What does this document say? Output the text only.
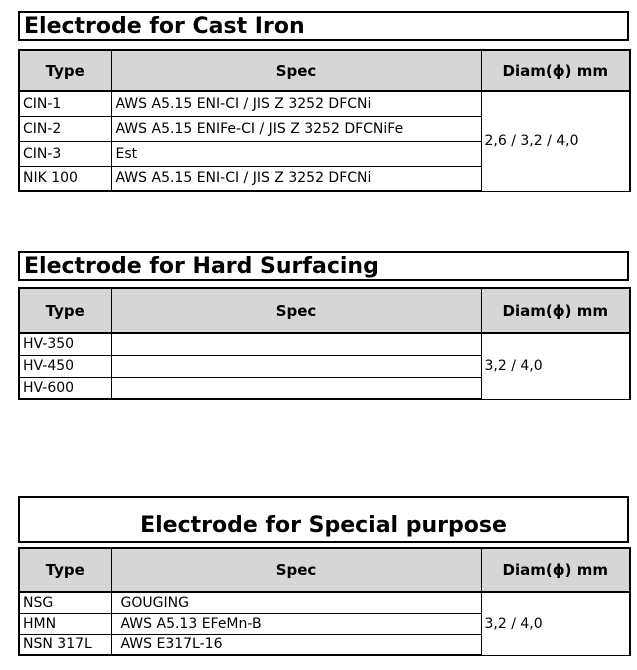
Electrode for Cast Iron
Type	Spec	Diam(ϕ) mm
CIN-1	AWS A5.15 ENI-CI / JIS Z 3252 DFCNi	2,6 / 3,2 / 4,0
CIN-2	AWS A5.15 ENIFe-CI / JIS Z 3252 DFCNiFe	
CIN-3	Est	
NIK 100	AWS A5.15 ENI-CI / JIS Z 3252 DFCNi	
Electrode for Hard Surfacing
Type	Spec	Diam(ϕ) mm
HV-350		3,2 / 4,0
HV-450		
HV-600		
Electrode for Special purpose
Type	Spec	Diam(ϕ) mm
NSG	GOUGING	3,2 / 4,0
HMN	AWS A5.13 EFeMn-B	
NSN 317L	AWS E317L-16	
